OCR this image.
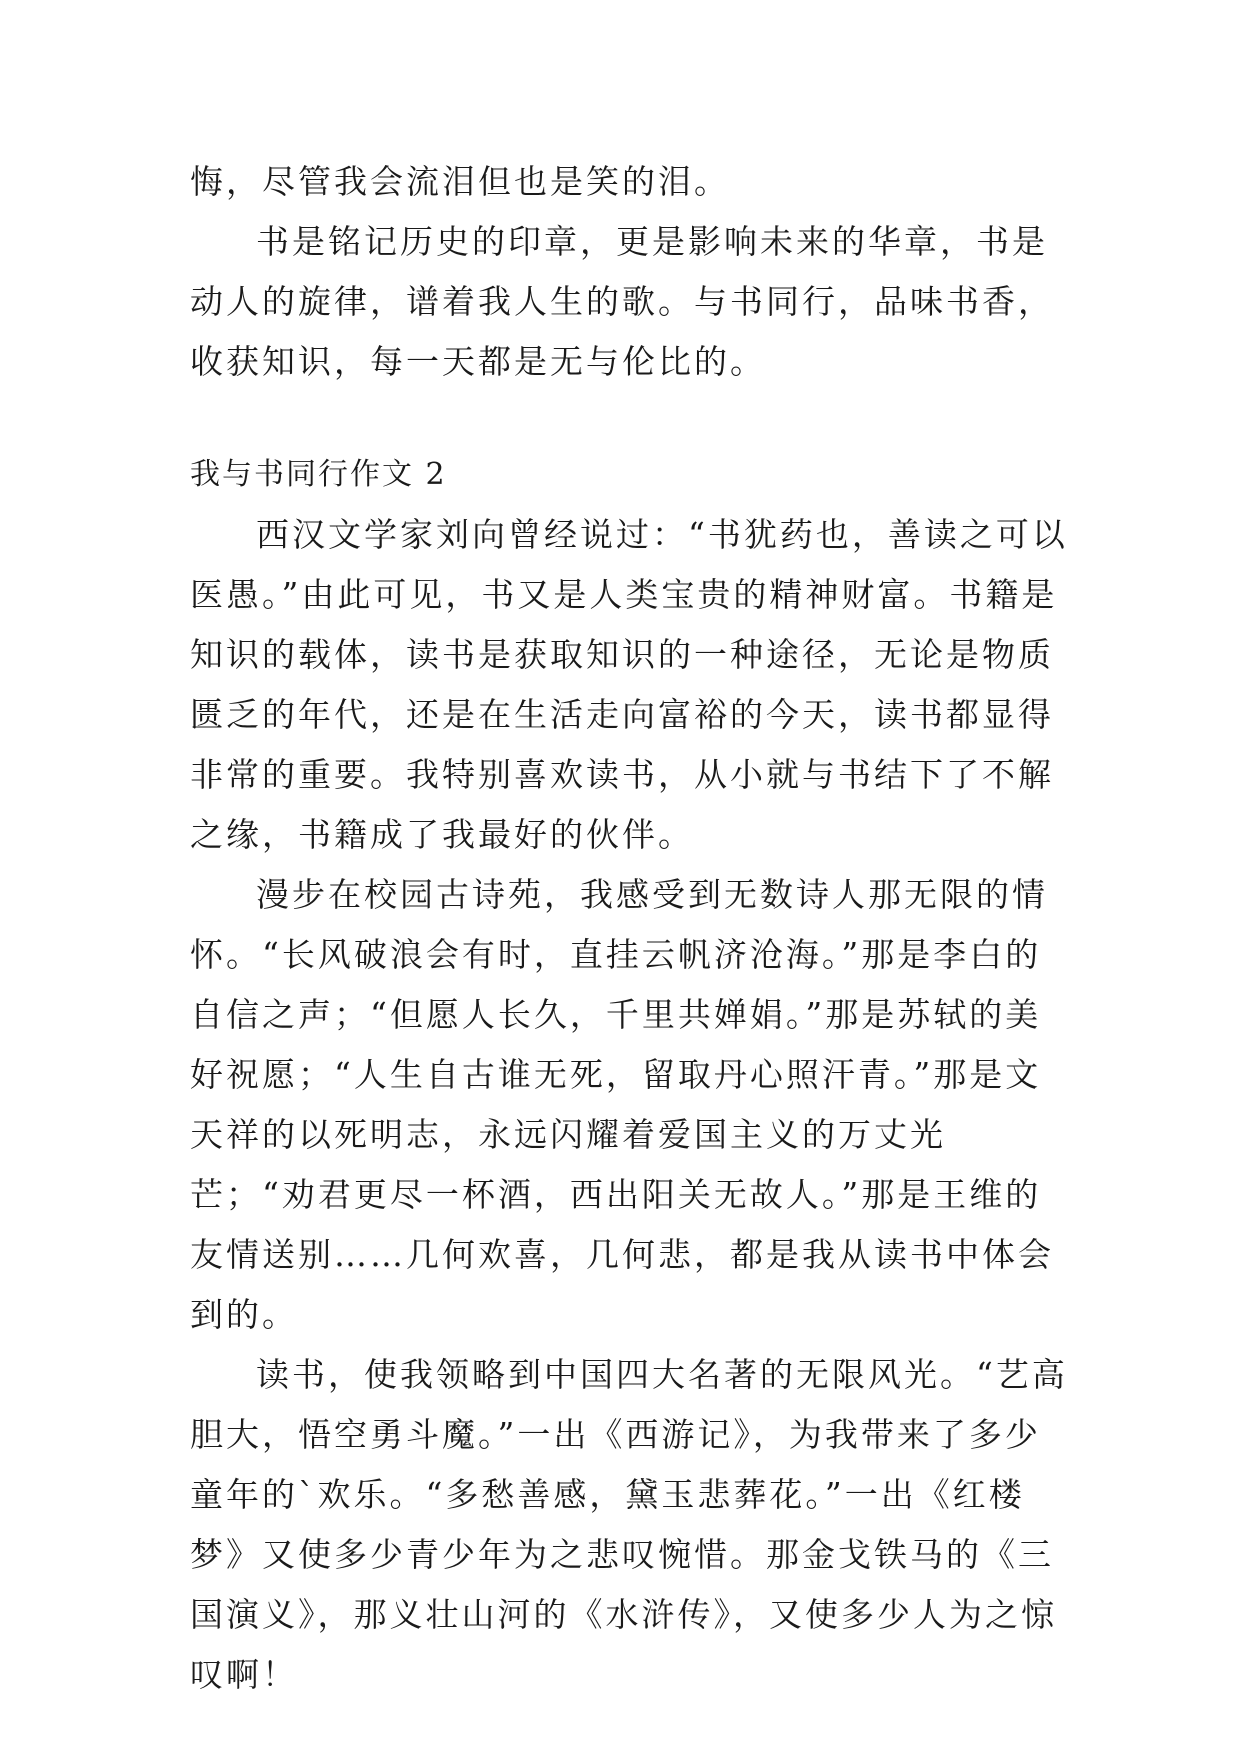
悔，尽管我会流泪但也是笑的泪。

书是铭记历史的印章，更是影响未来的华章，书是动人的旋律，谱着我人生的歌。与书同行，品味书香，收获知识，每一天都是无与伦比的。

我与书同行作文 2

西汉文学家刘向曾经说过：“书犹药也，善读之可以医愚。”由此可见，书又是人类宝贵的精神财富。书籍是知识的载体，读书是获取知识的一种途径，无论是物质匮乏的年代，还是在生活走向富裕的今天，读书都显得非常的重要。我特别喜欢读书，从小就与书结下了不解之缘，书籍成了我最好的伙伴。

漫步在校园古诗苑，我感受到无数诗人那无限的情怀。“长风破浪会有时，直挂云帆济沧海。”那是李白的自信之声；“但愿人长久，千里共婵娟。”那是苏轼的美好祝愿；“人生自古谁无死，留取丹心照汗青。”那是文天祥的以死明志，永远闪耀着爱国主义的万丈光芒；“劝君更尽一杯酒，西出阳关无故人。”那是王维的友情送别……几何欢喜，几何悲，都是我从读书中体会到的。

读书，使我领略到中国四大名著的无限风光。“艺高胆大，悟空勇斗魔。”一出《西游记》，为我带来了多少童年的`欢乐。“多愁善感，黛玉悲葬花。”一出《红楼梦》又使多少青少年为之悲叹惋惜。那金戈铁马的《三国演义》，那义壮山河的《水浒传》，又使多少人为之惊叹啊！
